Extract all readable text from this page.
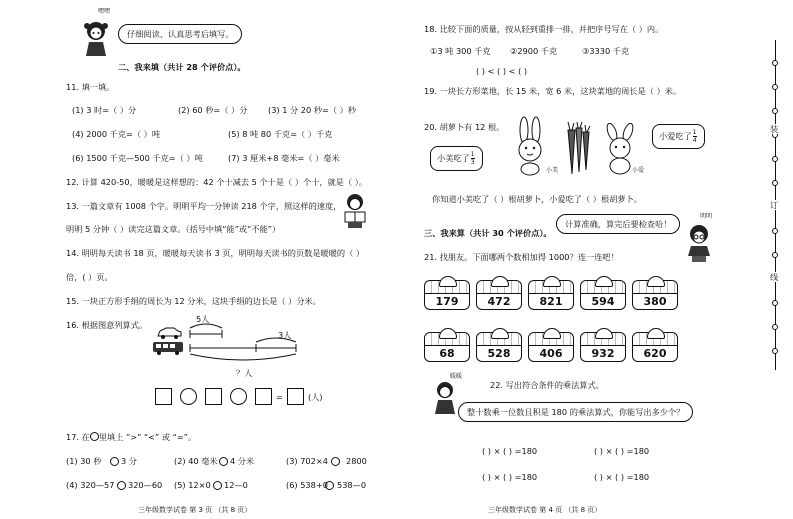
嘿嘿
仔细阅读、认真思考后填写。
二、我来填（共计 28 个评价点）。
11. 填一填。
(1) 3 时=（ ）分	(2) 60 秒=（ ）分	(3) 1 分 20 秒=（ ）秒
(4) 2000 千克=（ ）吨	(5) 8 吨 80 千克=（ ）千克
(6) 1500 千克—500 千克=（ ）吨	(7) 3 厘米+8 毫米=（ ）毫米
12. 计算 420-50，暖暖是这样想的：42 个十减去 5 个十是（ ）个十，就是（ ）。
13. 一篇文章有 1008 个字。明明平均一分钟读 218 个字，照这样的速度，
明明 5 分钟（ ）读完这篇文章。（括号中填“能”或“不能”）
14. 明明每天读书 18 页，暖暖每天读书 3 页，明明每天读书的页数是暖暖的（ ）
倍，( ）页。
15. 一块正方形手绢的周长为 12 分米，这块手绢的边长是（ ）分米。
16. 根据图意列算式。
5人
3人
？人
=	(人)
17. 在 里填上 “>” “<” 或 “=”。
(1) 30 秒 3 分	(2) 40 毫米 4 分米	(3) 702×4 2800
(4) 320—57 320—60 (5) 12×0 12—0	(6) 538+0 538—0
三年级数学试卷 第 3 页 （共 8 页）
18. 比较下面的质量，按从轻到重排一排，并把序号写在（ ）内。
①3 吨 300 千克 ②2900 千克	③3330 千克
( ) < ( ) < ( )
19. 一块长方形菜地，长 15 米，宽 6 米，这块菜地的周长是（ ）米。
20. 胡萝卜有 12 根。
小美吃了 $\frac{1}{3}$
小美	小爱
小爱吃了 $\frac{1}{4}$
你知道小美吃了（ ）根胡萝卜，小爱吃了（ ）根胡萝卜。
三、我来算（共计 30 个评价点）。
计算准确，算完后要检查哈！
明明
21. 找朋友。下面哪两个数相加得 1000？连一连吧！
179	472	821	594	380
68	528	406	932	620
暖暖
22. 写出符合条件的乘法算式。
整十数乘一位数且积是 180 的乘法算式，你能写出多少个？
( ) × ( ) =180	( ) × ( ) =180
( ) × ( ) =180	( ) × ( ) =180
三年级数学试卷 第 4 页 （共 8 页）
装
订
线
